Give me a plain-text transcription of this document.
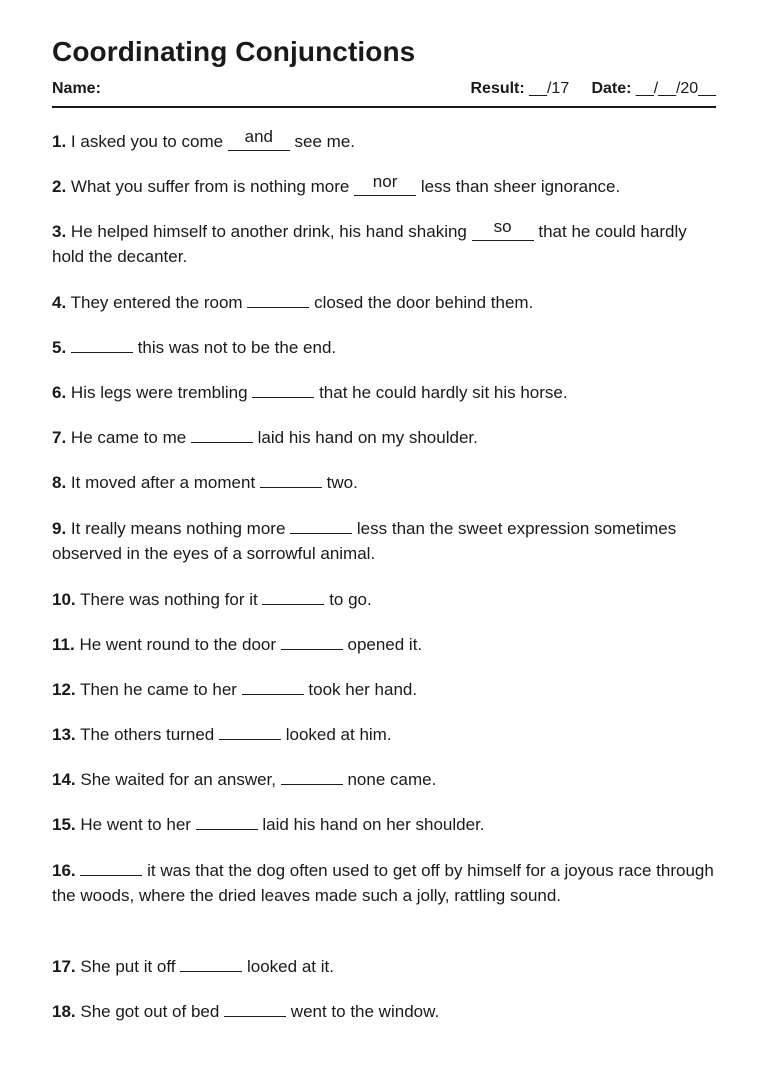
Coordinating Conjunctions
Name:	Result: __/17 Date: __/__/20__
1. I asked you to come and see me.
2. What you suffer from is nothing more nor less than sheer ignorance.
3. He helped himself to another drink, his hand shaking so that he could hardly hold the decanter.
4. They entered the room	closed the door behind them.
5.	this was not to be the end.
6. His legs were trembling	that he could hardly sit his horse.
7. He came to me	laid his hand on my shoulder.
8. It moved after a moment	two.
9. It really means nothing more	less than the sweet expression sometimes observed in the eyes of a sorrowful animal.
10. There was nothing for it	to go.
11. He went round to the door	opened it.
12. Then he came to her	took her hand.
13. The others turned	looked at him.
14. She waited for an answer,	none came.
15. He went to her	laid his hand on her shoulder.
16.	it was that the dog often used to get off by himself for a joyous race through the woods, where the dried leaves made such a jolly, rattling sound.
17. She put it off	looked at it.
18. She got out of bed	went to the window.
